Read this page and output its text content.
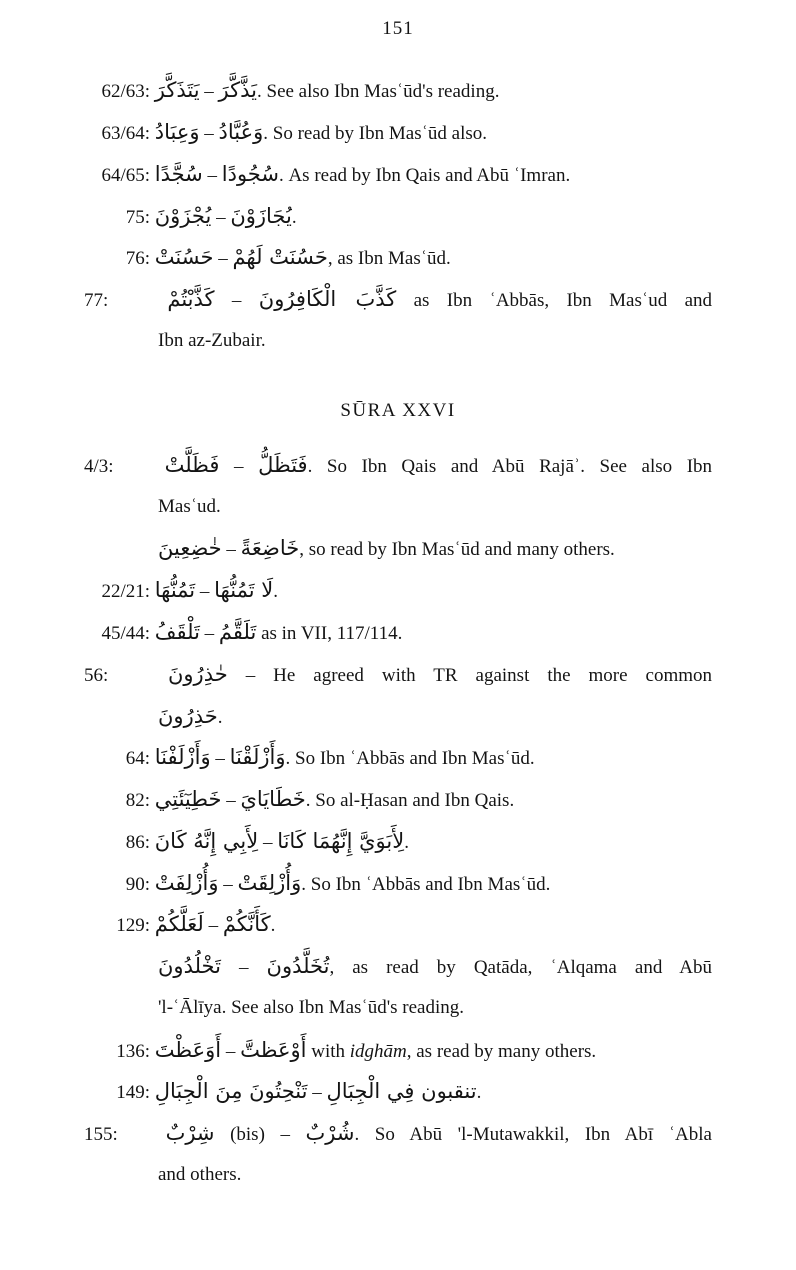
151
62/63: يَتَذَكَّرَ – يَذَّكَّرَ. See also Ibn Masʿūd's reading.
63/64: وَعِبَادُ – وَعُبَّادُ. So read by Ibn Masʿūd also.
64/65: سُجَّدًا – سُجُودًا. As read by Ibn Qais and Abū ʿImran.
75: يُجْزَوْنَ – يُجَازَوْنَ.
76: حَسُنَتْ – حَسُنَتْ لَهُمْ, as Ibn Masʿūd.
77:	كَذَّبْتُمْ – كَذَّبَ الْكَافِرُونَ as Ibn ʿAbbās, Ibn Masʿud and
Ibn az-Zubair.
SŪRA XXVI
4/3: فَظَلَّتْ – فَتَظَلُّ. So Ibn Qais and Abū Rajāʾ. See also Ibn
Masʿud.
خٰضِعِينَ – خَاضِعَةً, so read by Ibn Masʿūd and many others.
22/21: تَمُنُّهَا – لَا تَمُنُّهَا.
45/44: تَلْقَفُ – تَلَقَّمُ as in VII, 117/114.
56:	حٰذِرُونَ – He agreed with TR against the more common
حَذِرُونَ.
64: وَأَزْلَفْنَا – وَأَزْلَقْنَا. So Ibn ʿAbbās and Ibn Masʿūd.
82: خَطِيٓئَتِي – خَطَايَايَ. So al-Ḥasan and Ibn Qais.
86: لِأَبِي إِنَّهُ كَانَ – لِأَبَوَيَّ إِنَّهُمَا كَانَا.
90: وَأُزْلِفَتْ – وَأُزْلِقَتْ. So Ibn ʿAbbās and Ibn Masʿūd.
129: لَعَلَّكُمْ – كَأَنَّكُمْ.
تَخْلُدُونَ – تُخَلَّدُونَ, as read by Qatāda, ʿAlqama and Abū
'l-ʿĀlīya. See also Ibn Masʿūd's reading.
136: أَوَعَظْتَ – أَوْعَظتَّ with idghām, as read by many others.
149: تَنْحِتُونَ مِنَ الْجِبَالِ – تنقبون فِي الْجِبَالِ.
155: شِرْبٌ (bis) – شُرْبٌ. So Abū 'l-Mutawakkil, Ibn Abī ʿAbla
and others.
